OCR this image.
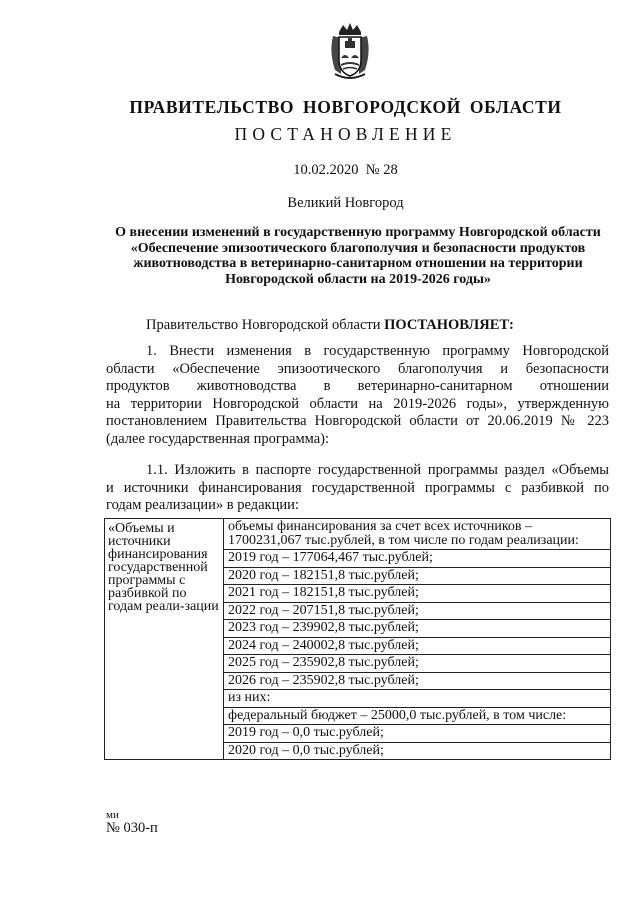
ПРАВИТЕЛЬСТВО НОВГОРОДСКОЙ ОБЛАСТИ
ПОСТАНОВЛЕНИЕ
10.02.2020 № 28
Великий Новгород
О внесении изменений в государственную программу Новгородской области «Обеспечение эпизоотического благополучия и безопасности продуктов животноводства в ветеринарно-санитарном отношении на территории Новгородской области на 2019-2026 годы»
Правительство Новгородской области ПОСТАНОВЛЯЕТ:
1. Внести изменения в государственную программу Новгородской
области «Обеспечение эпизоотического благополучия и безопасности
продуктов животноводства в ветеринарно-санитарном отношении
на территории Новгородской области на 2019-2026 годы», утвержденную
постановлением Правительства Новгородской области от 20.06.2019 № 223
(далее государственная программа):
1.1. Изложить в паспорте государственной программы раздел «Объемы
и источники финансирования государственной программы с разбивкой по
годам реализации» в редакции:
«Объемы и источники финансирования государственной программы с разбивкой по годам реали-зации	
объемы финансирования за счет всех источников – 1700231,067 тыс.рублей, в том числе по годам реализации:
2019 год – 177064,467 тыс.рублей;
2020 год – 182151,8 тыс.рублей;
2021 год – 182151,8 тыс.рублей;
2022 год – 207151,8 тыс.рублей;
2023 год – 239902,8 тыс.рублей;
2024 год – 240002,8 тыс.рублей;
2025 год – 235902,8 тыс.рублей;
2026 год – 235902,8 тыс.рублей;
из них:
федеральный бюджет – 25000,0 тыс.рублей, в том числе:
2019 год – 0,0 тыс.рублей;
2020 год – 0,0 тыс.рублей;
ми
№ 030-п
